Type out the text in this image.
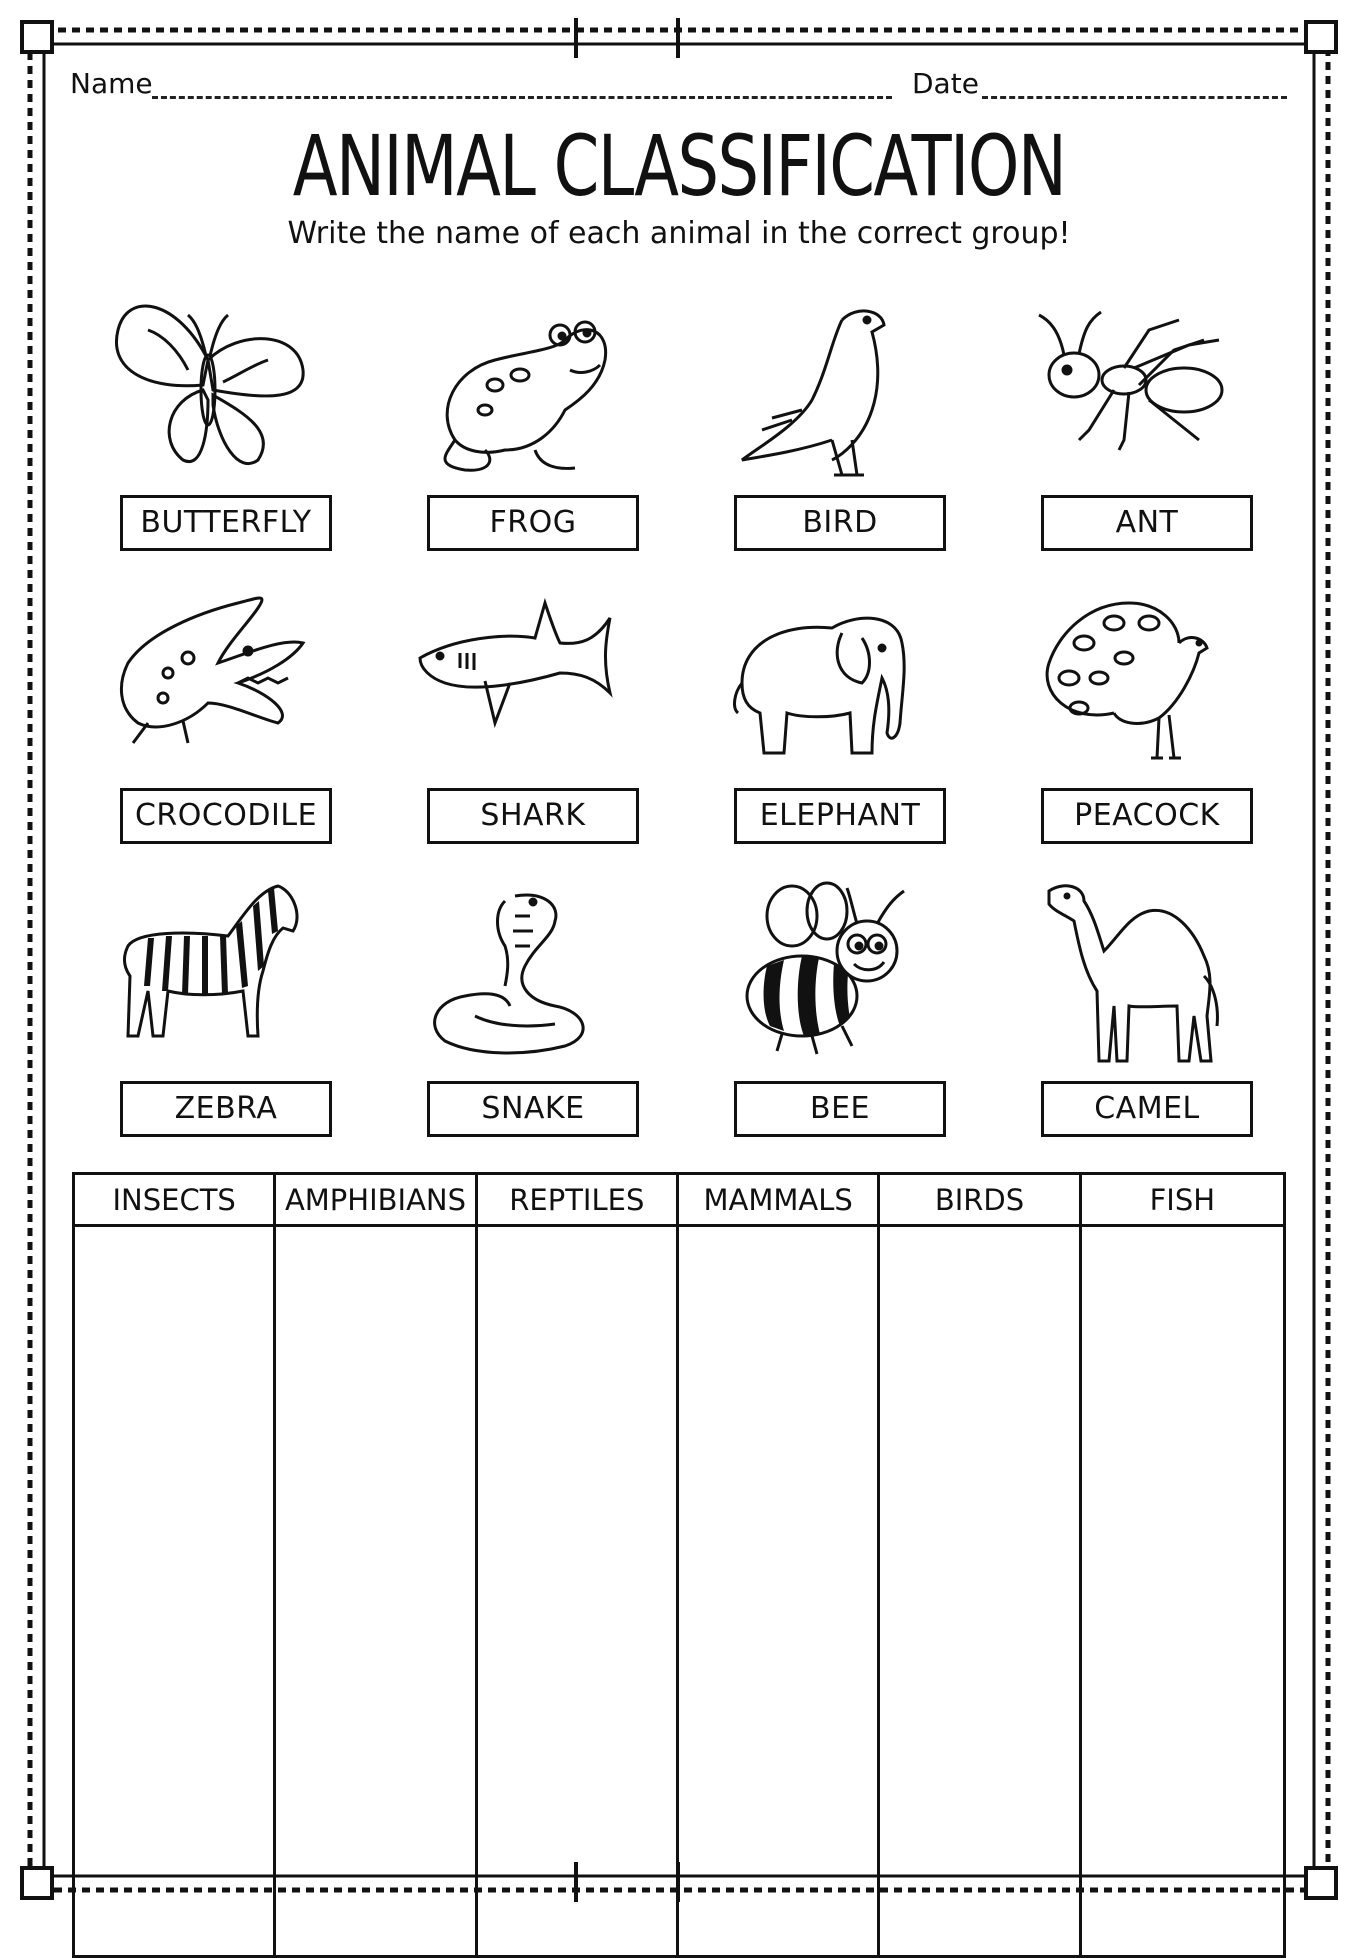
Name	Date
ANIMAL CLASSIFICATION
Write the name of each animal in the correct group!
BUTTERFLY	FROG	BIRD	ANT
CROCODILE	SHARK	ELEPHANT	PEACOCK
ZEBRA	SNAKE	BEE	CAMEL
INSECTS	AMPHIBIANS	REPTILES	MAMMALS	BIRDS	FISH
